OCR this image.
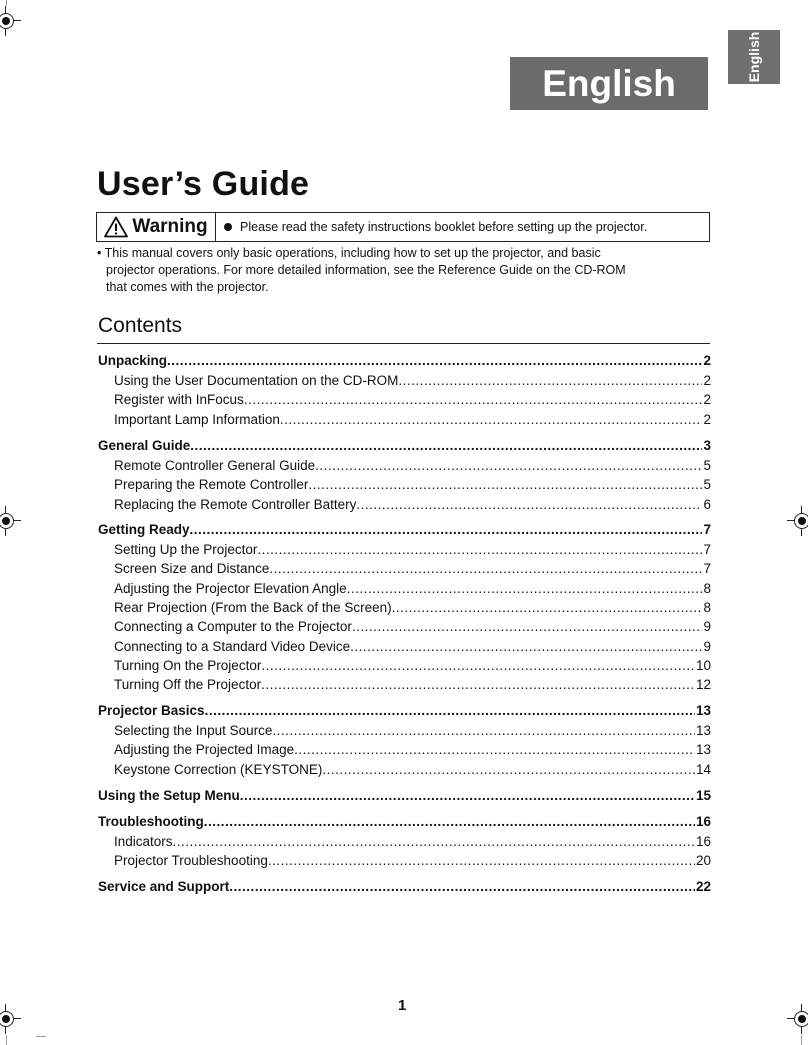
English
English
User’s Guide
Warning	Please read the safety instructions booklet before setting up the projector.
• This manual covers only basic operations, including how to set up the projector, and basic
projector operations. For more detailed information, see the Reference Guide on the CD-ROM
that comes with the projector.
Contents
Unpacking .....	2
Using the User Documentation on the CD-ROM .....	2
Register with InFocus .....	2
Important Lamp Information .....	2
General Guide .....	3
Remote Controller General Guide .....	5
Preparing the Remote Controller .....	5
Replacing the Remote Controller Battery .....	6
Getting Ready .....	7
Setting Up the Projector .....	7
Screen Size and Distance .....	7
Adjusting the Projector Elevation Angle .....	8
Rear Projection (From the Back of the Screen) .....	8
Connecting a Computer to the Projector .....	9
Connecting to a Standard Video Device .....	9
Turning On the Projector .....	10
Turning Off the Projector .....	12
Projector Basics .....	13
Selecting the Input Source .....	13
Adjusting the Projected Image .....	13
Keystone Correction (KEYSTONE) .....	14
Using the Setup Menu .....	15
Troubleshooting .....	16
Indicators .....	16
Projector Troubleshooting .....	20
Service and Support .....	22
1
